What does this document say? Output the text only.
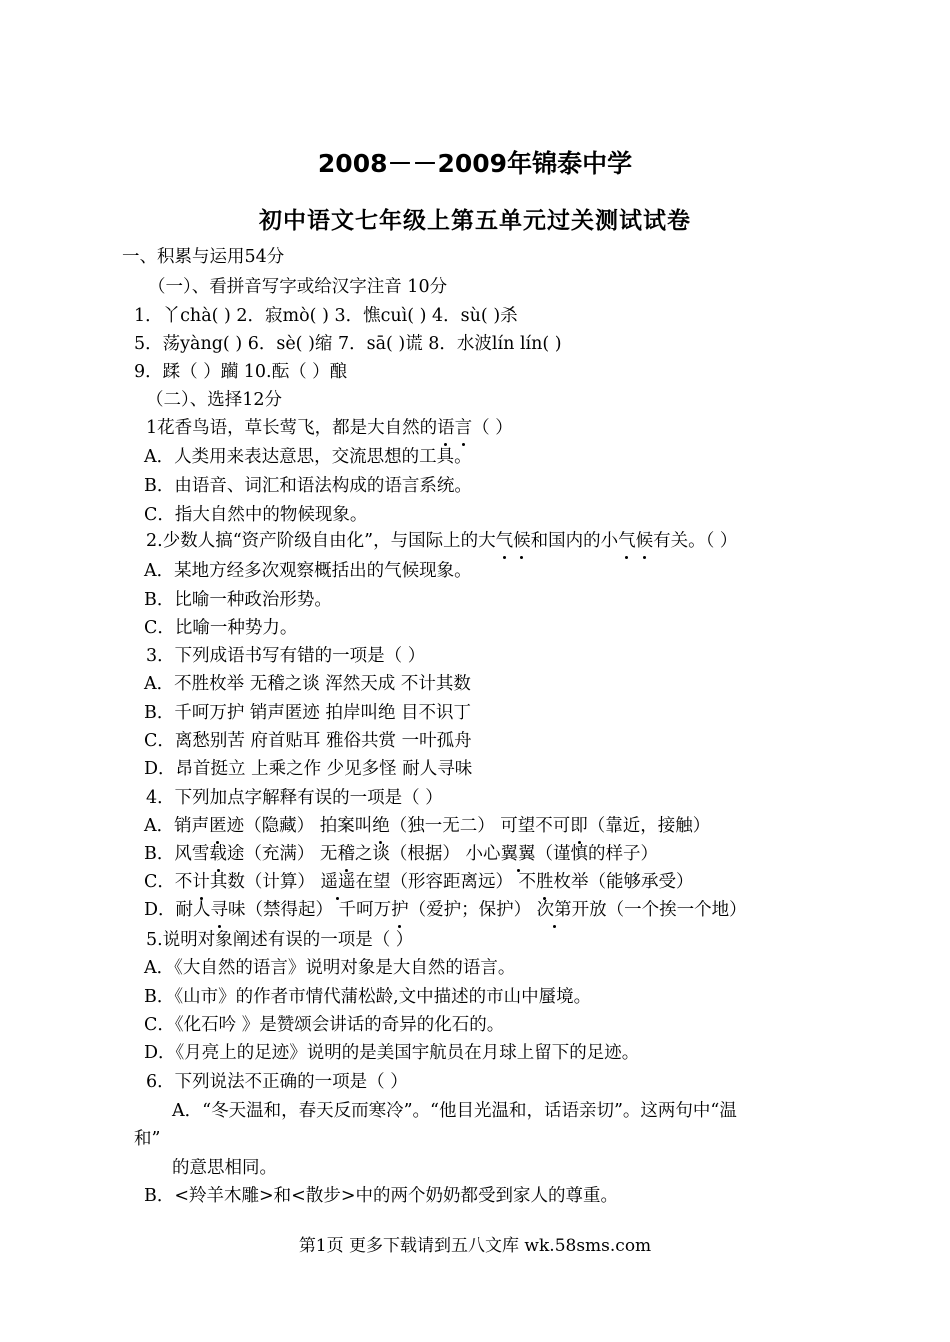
2008－－2009年锦泰中学
初中语文七年级上第五单元过关测试试卷
一、积累与运用54分
（一）、看拼音写字或给汉字注音 10分
1．丫chà( ) 2．寂mò( ) 3．憔cuì( ) 4．sù( )杀
5．荡yàng( ) 6．sè( )缩 7．sā( )谎 8．水波lín lín( )
9．蹂（ ）躏 10.酝（ ）酿
（二）、选择12分
1花香鸟语，草长莺飞，都是大自然的语言（ ）
A．人类用来表达意思，交流思想的工具。
B．由语音、词汇和语法构成的语言系统。
C．指大自然中的物候现象。
2.少数人搞“资产阶级自由化”，与国际上的大气候和国内的小气候有关。（ ）
A．某地方经多次观察概括出的气候现象。
B．比喻一种政治形势。
C．比喻一种势力。
3．下列成语书写有错的一项是（ ）
A．不胜枚举 无稽之谈 浑然天成 不计其数
B．千呵万护 销声匿迹 拍岸叫绝 目不识丁
C．离愁别苦 府首贴耳 雅俗共赏 一叶孤舟
D．昂首挺立 上乘之作 少见多怪 耐人寻味
4．下列加点字解释有误的一项是（ ）
A．销声匿迹（隐藏） 拍案叫绝（独一无二） 可望不可即（靠近，接触）
B．风雪载途（充满） 无稽之谈（根据） 小心翼翼（谨慎的样子）
C．不计其数（计算） 遥遥在望（形容距离远） 不胜枚举（能够承受）
D．耐人寻味（禁得起） 千呵万护（爱护；保护） 次第开放（一个挨一个地）
5.说明对象阐述有误的一项是（ ）
A．《大自然的语言》说明对象是大自然的语言。
B．《山市》的作者市情代蒲松龄,文中描述的市山中蜃境。
C．《化石吟 》是赞颂会讲话的奇异的化石的。
D．《月亮上的足迹》说明的是美国宇航员在月球上留下的足迹。
6．下列说法不正确的一项是（ ）
A．“冬天温和，春天反而寒冷”。“他目光温和，话语亲切”。这两句中“温
和”
的意思相同。
B．<羚羊木雕>和<散步>中的两个奶奶都受到家人的尊重。
第1页 更多下载请到五八文库 wk.58sms.com
